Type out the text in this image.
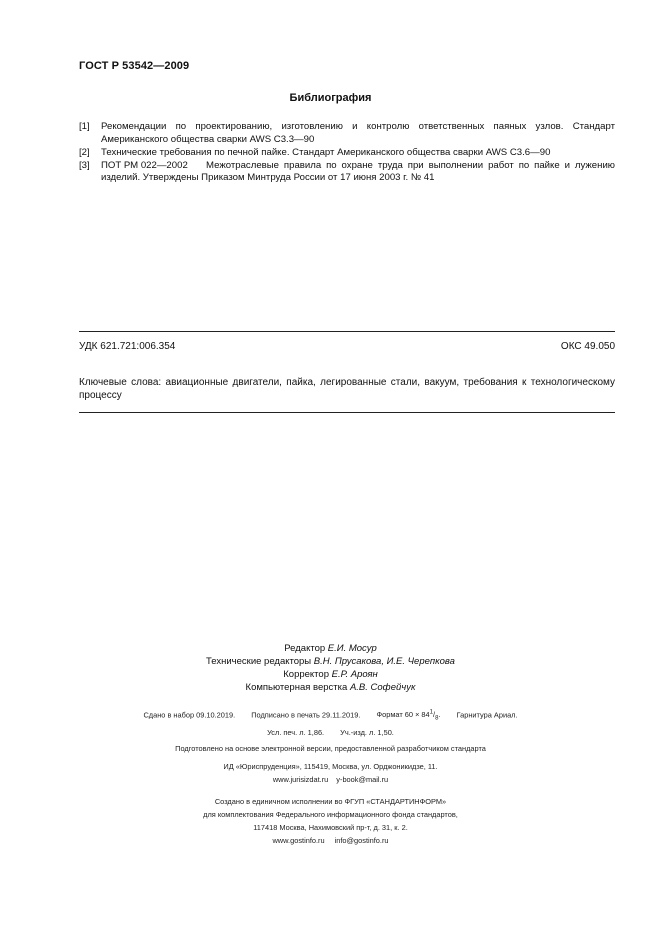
ГОСТ Р 53542—2009
Библиография
[1]	Рекомендации по проектированию, изготовлению и контролю ответственных паяных узлов. Стандарт Американского общества сварки AWS C3.3—90
[2]	Технические требования по печной пайке. Стандарт Американского общества сварки AWS C3.6—90
[3]	ПОТ РМ 022—2002 Межотраслевые правила по охране труда при выполнении работ по пайке и лужению изделий. Утверждены Приказом Минтруда России от 17 июня 2003 г. № 41
УДК 621.721:006.354	ОКС 49.050
Ключевые слова: авиационные двигатели, пайка, легированные стали, вакуум, требования к технологическому процессу
Редактор Е.И. Мосур
Технические редакторы В.Н. Прусакова, И.Е. Черепкова
Корректор Е.Р. Ароян
Компьютерная верстка А.В. Софейчук
Сдано в набор 09.10.2019. Подписано в печать 29.11.2019. Формат $60 \times 84^1/_8$. Гарнитура Ариал.
Усл. печ. л. 1,86. Уч.-изд. л. 1,50.
Подготовлено на основе электронной версии, предоставленной разработчиком стандарта
ИД «Юриспруденция», 115419, Москва, ул. Орджоникидзе, 11.
www.jurisizdat.ru y-book@mail.ru
Создано в единичном исполнении во ФГУП «СТАНДАРТИНФОРМ»
для комплектования Федерального информационного фонда стандартов,
117418 Москва, Нахимовский пр-т, д. 31, к. 2.
www.gostinfo.ru info@gostinfo.ru
